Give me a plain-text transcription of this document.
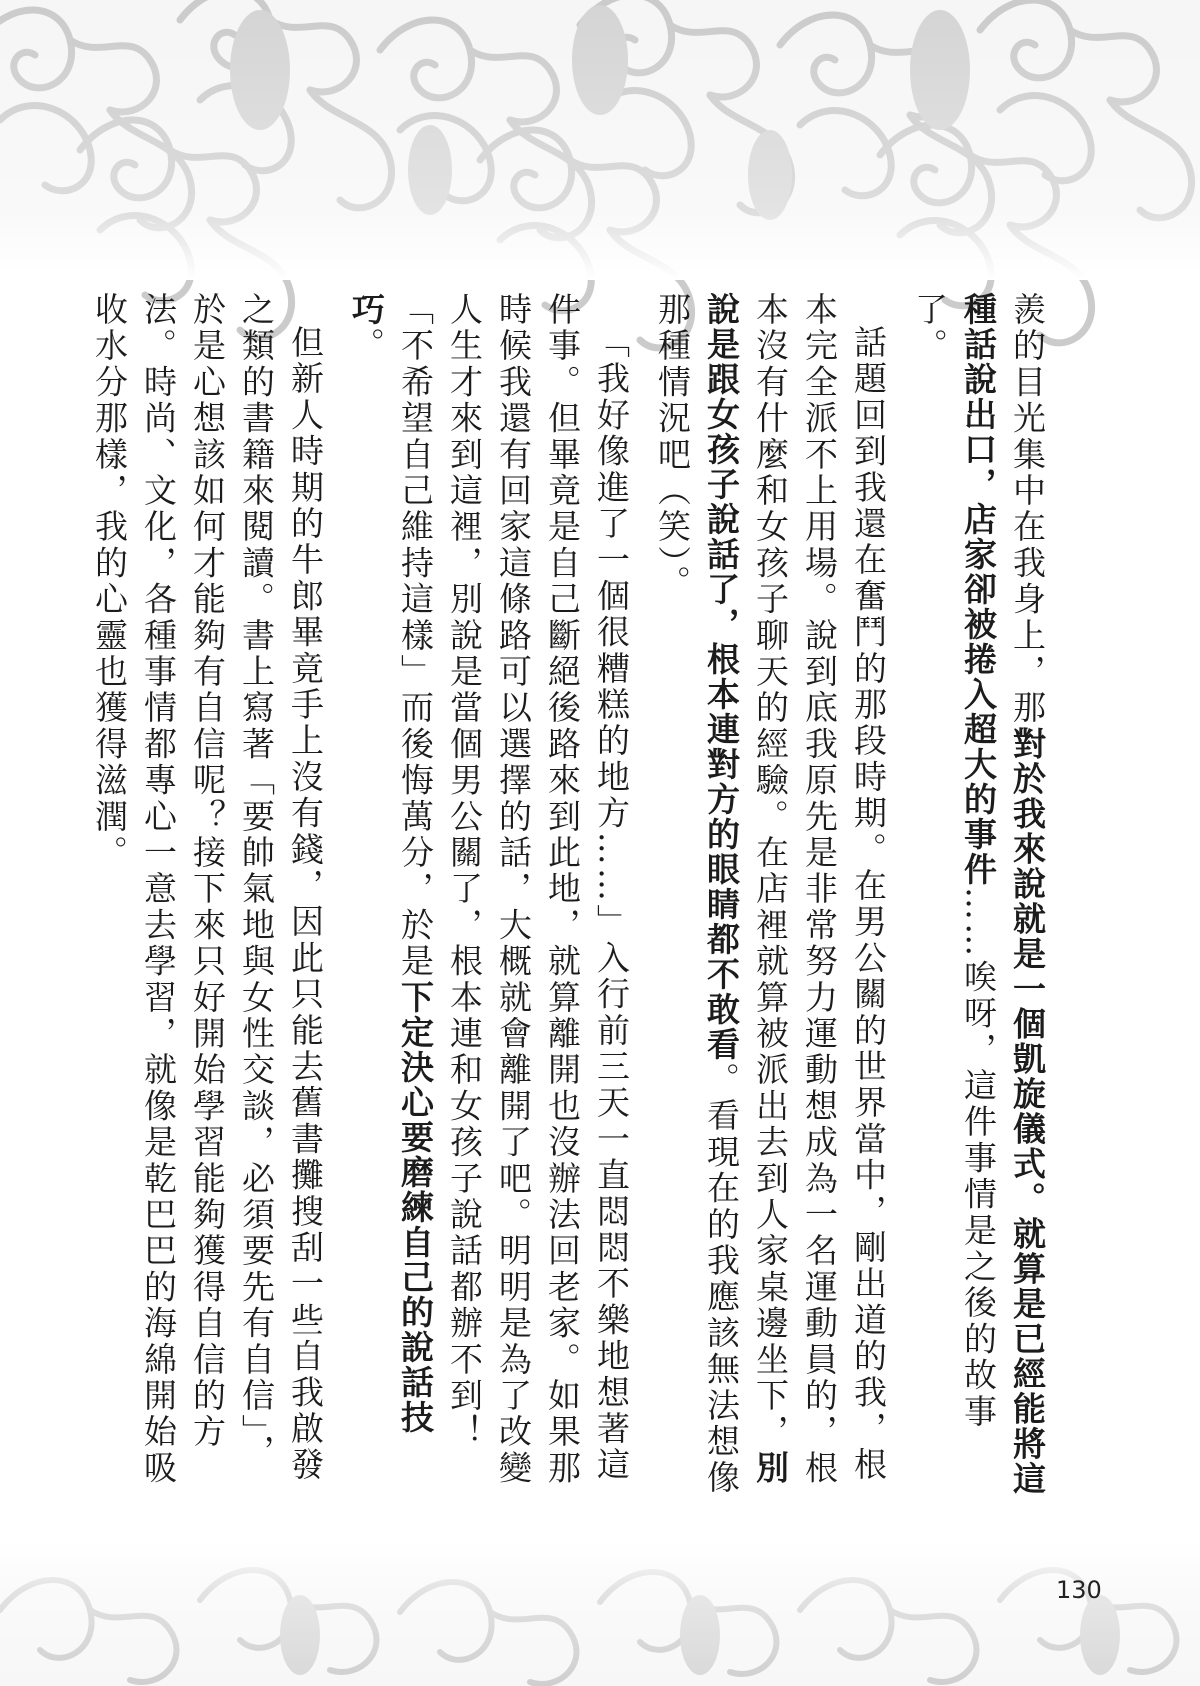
羨的目光集中在我身上，那對於我來說就是一個凱旋儀式。就算是已經能將這種話說出口，店家卻被捲入超大的事件……唉呀，這件事情是之後的故事了。

話題回到我還在奮鬥的那段時期。在男公關的世界當中，剛出道的我，根本完全派不上用場。說到底我原先是非常努力運動想成為一名運動員的，根本沒有什麼和女孩子聊天的經驗。在店裡就算被派出去到人家桌邊坐下，別說是跟女孩子說話了，根本連對方的眼睛都不敢看。看現在的我應該無法想像那種情況吧（笑）。

「我好像進了一個很糟糕的地方……」入行前三天一直悶悶不樂地想著這件事。但畢竟是自己斷絕後路來到此地，就算離開也沒辦法回老家。如果那時候我還有回家這條路可以選擇的話，大概就會離開了吧。明明是為了改變人生才來到這裡，別說是當個男公關了，根本連和女孩子說話都辦不到！「不希望自己維持這樣」而後悔萬分，於是下定決心要磨練自己的說話技巧。

但新人時期的牛郎畢竟手上沒有錢，因此只能去舊書攤搜刮一些自我啟發之類的書籍來閱讀。書上寫著「要帥氣地與女性交談，必須要先有自信」，於是心想該如何才能夠有自信呢？接下來只好開始學習能夠獲得自信的方法。時尚、文化，各種事情都專心一意去學習，就像是乾巴巴的海綿開始吸收水分那樣，我的心靈也獲得滋潤。

130
